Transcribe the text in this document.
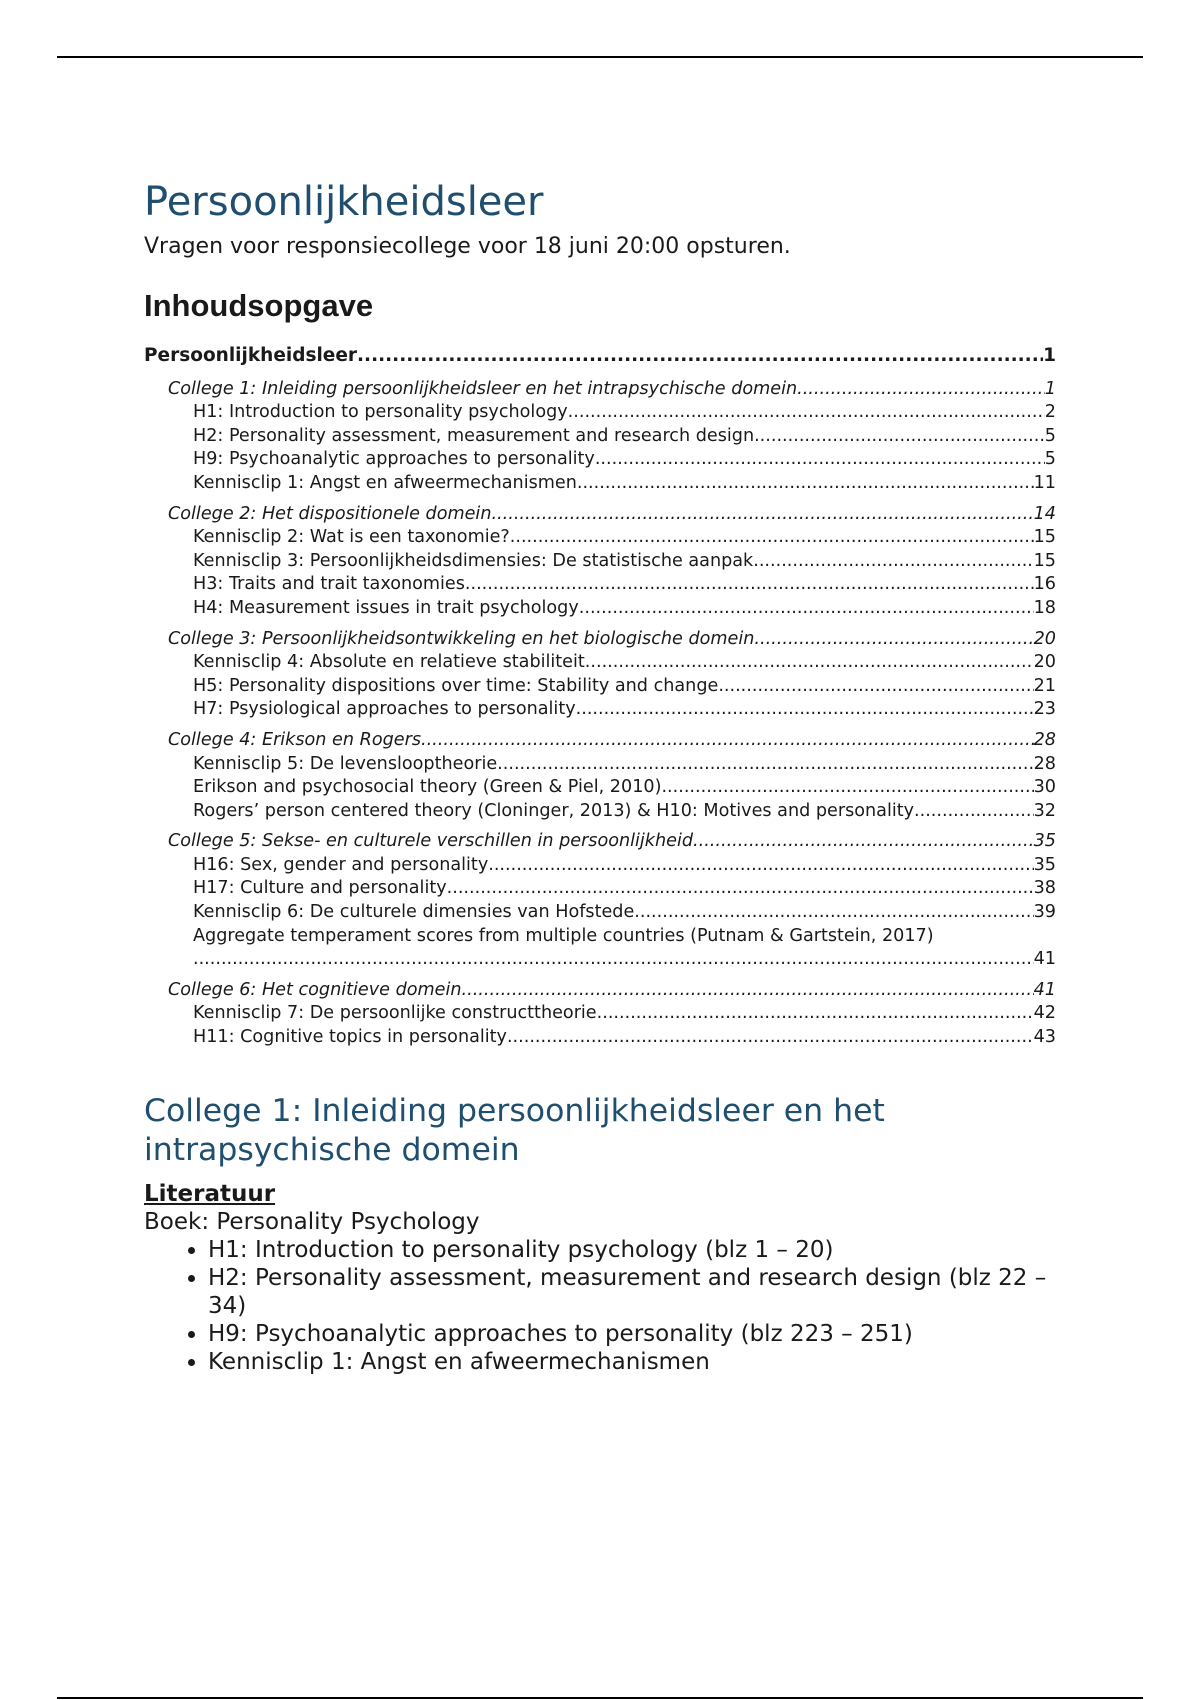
Persoonlijkheidsleer

Vragen voor responsiecollege voor 18 juni 20:00 opsturen.

Inhoudsopgave
Persoonlijkheidsleer .....	1
College 1: Inleiding persoonlijkheidsleer en het intrapsychische domein .....	1
H1: Introduction to personality psychology .....	2
H2: Personality assessment, measurement and research design .....	5
H9: Psychoanalytic approaches to personality .....	5
Kennisclip 1: Angst en afweermechanismen .....	11
College 2: Het dispositionele domein .....	14
Kennisclip 2: Wat is een taxonomie? .....	15
Kennisclip 3: Persoonlijkheidsdimensies: De statistische aanpak .....	15
H3: Traits and trait taxonomies .....	16
H4: Measurement issues in trait psychology .....	18
College 3: Persoonlijkheidsontwikkeling en het biologische domein .....	20
Kennisclip 4: Absolute en relatieve stabiliteit .....	20
H5: Personality dispositions over time: Stability and change .....	21
H7: Psysiological approaches to personality .....	23
College 4: Erikson en Rogers .....	28
Kennisclip 5: De levenslooptheorie .....	28
Erikson and psychosocial theory (Green & Piel, 2010) .....	30
Rogers’ person centered theory (Cloninger, 2013) & H10: Motives and personality .....	32
College 5: Sekse- en culturele verschillen in persoonlijkheid .....	35
H16: Sex, gender and personality .....	35
H17: Culture and personality .....	38
Kennisclip 6: De culturele dimensies van Hofstede .....	39
Aggregate temperament scores from multiple countries (Putnam & Gartstein, 2017)
.....
41
College 6: Het cognitieve domein .....	41
Kennisclip 7: De persoonlijke constructtheorie .....	42
H11: Cognitive topics in personality .....	43
College 1: Inleiding persoonlijkheidsleer en het
intrapsychische domein
Literatuur
Boek: Personality Psychology
• H1: Introduction to personality psychology (blz 1 – 20)
• H2: Personality assessment, measurement and research design (blz 22 – 34)
• H9: Psychoanalytic approaches to personality (blz 223 – 251)
• Kennisclip 1: Angst en afweermechanismen
